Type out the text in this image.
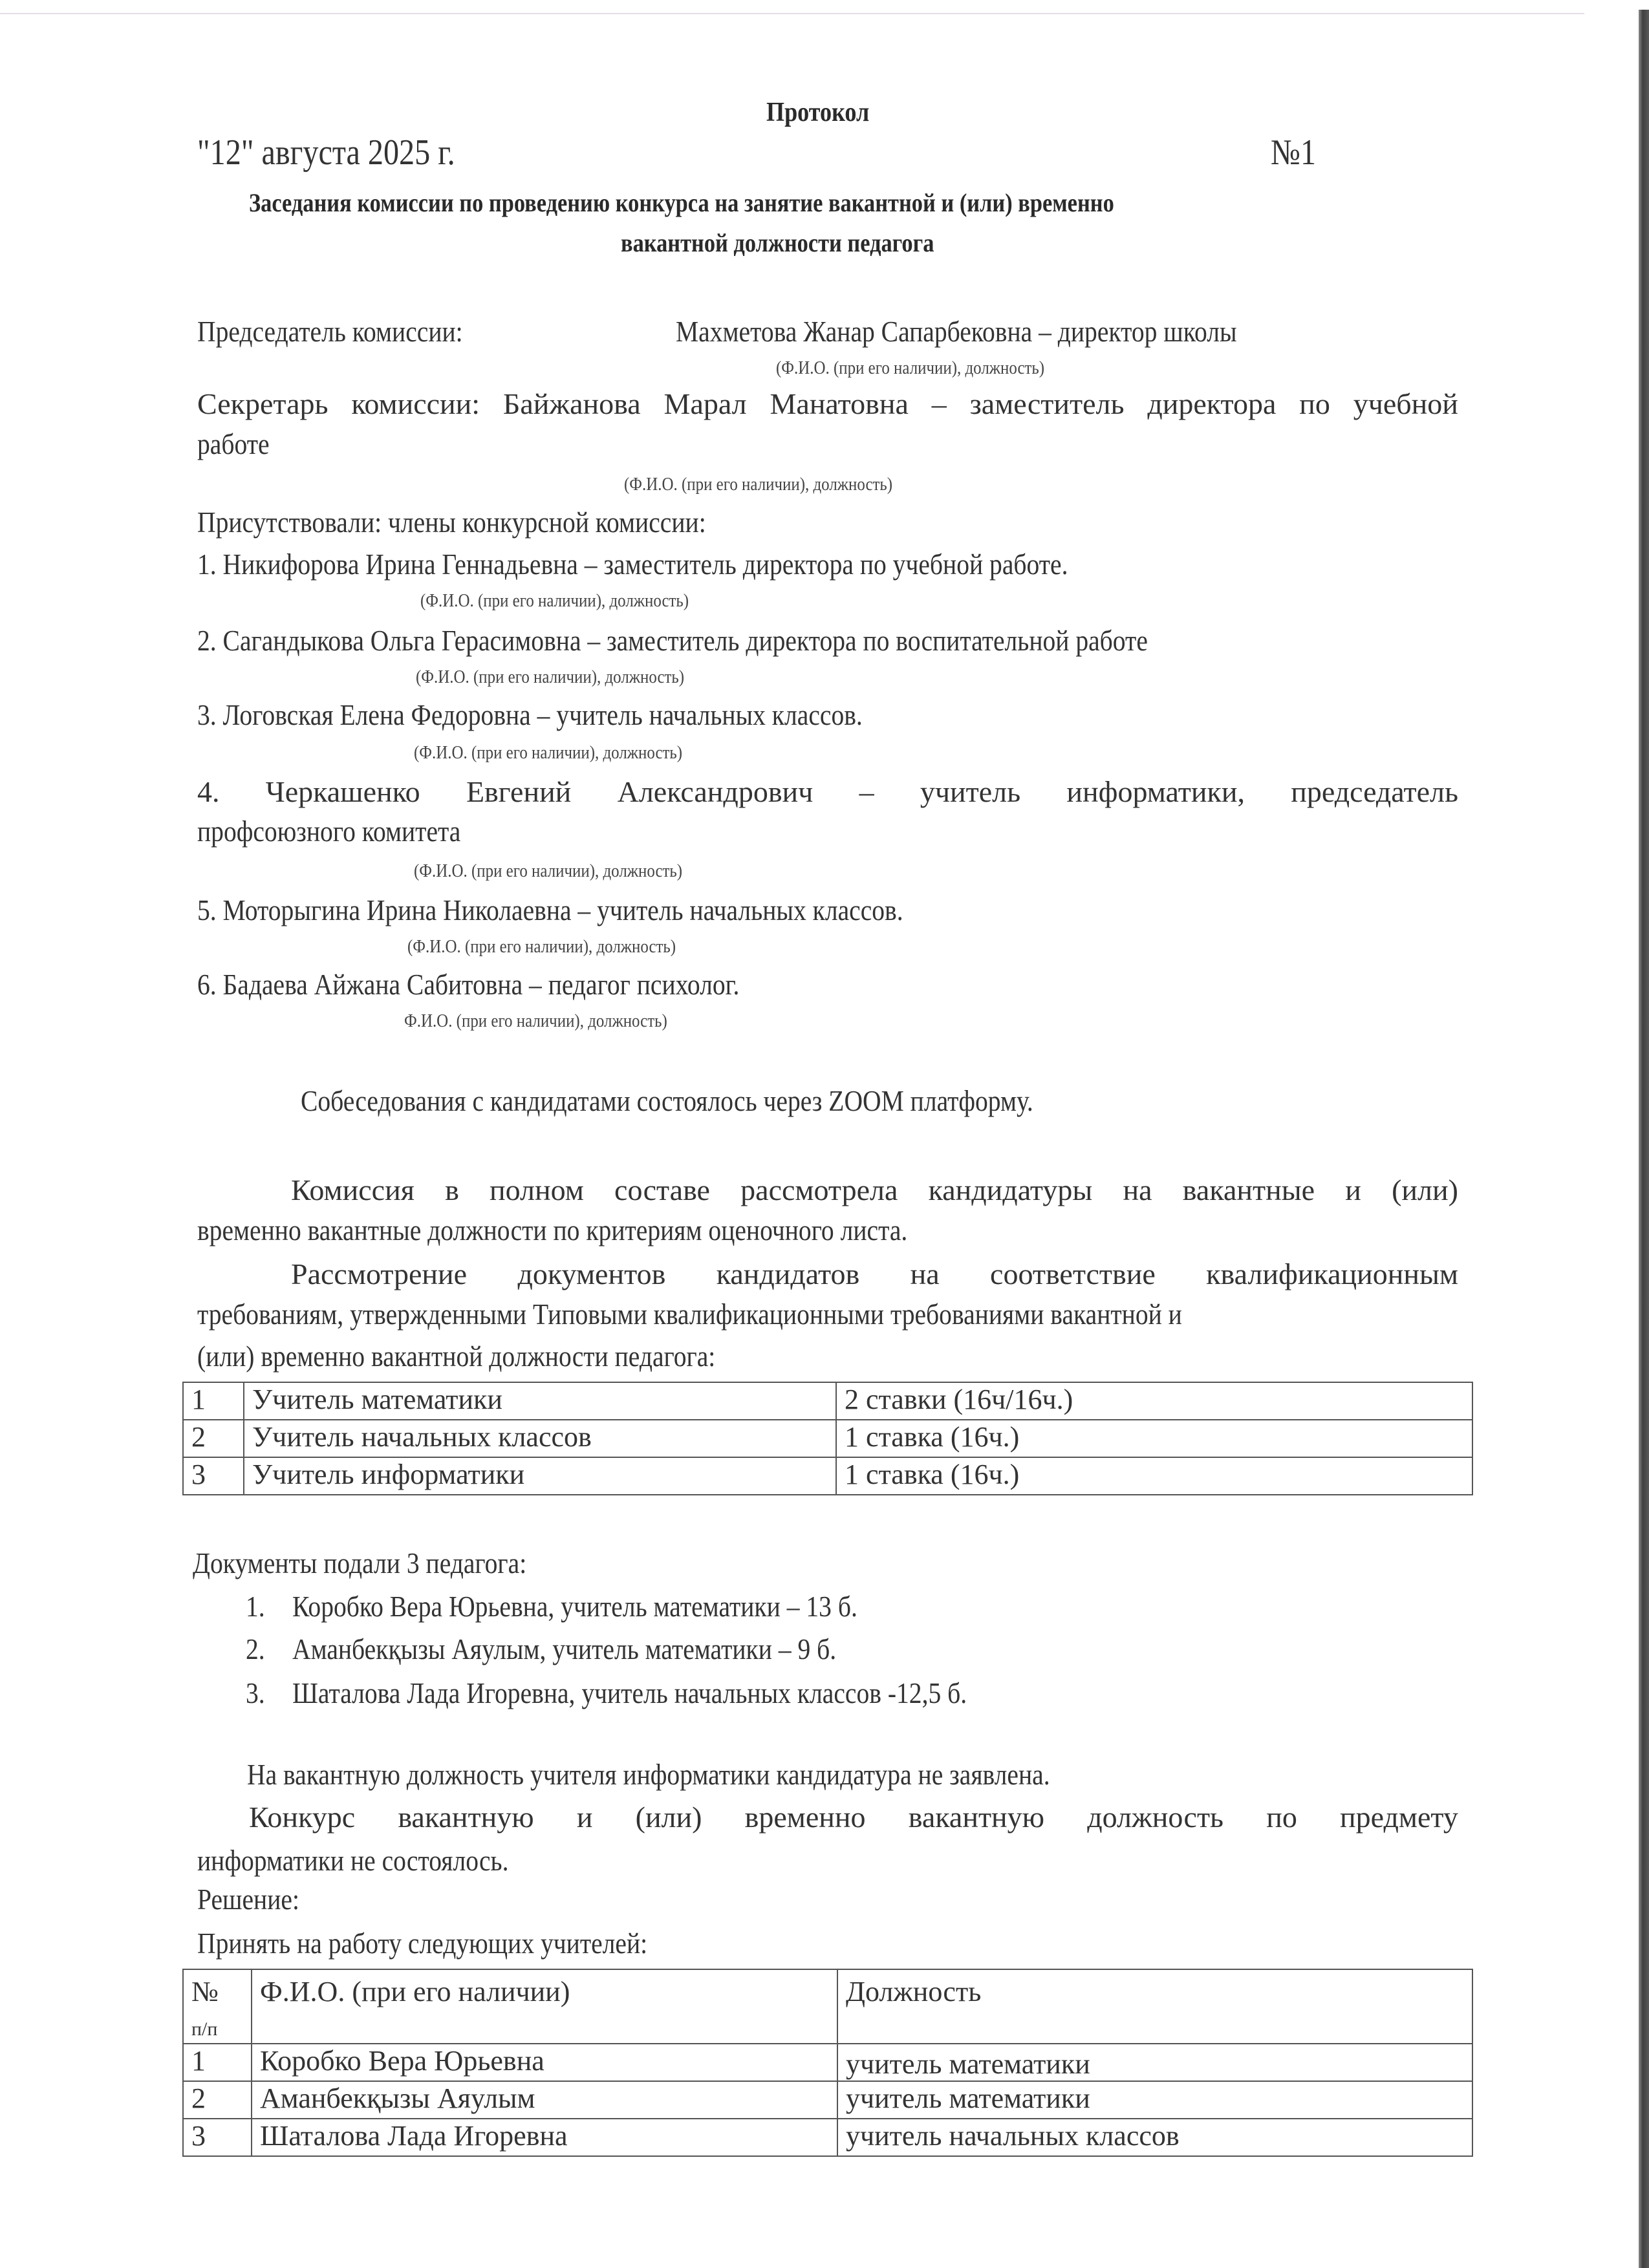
Протокол
"12" августа 2025 г.	№1
Заседания комиссии по проведению конкурса на занятие вакантной и (или) временно
вакантной должности педагога
Председатель комиссии:	Махметова Жанар Сапарбековна – директор школы
(Ф.И.О. (при его наличии), должность)
Секретарь комиссии: Байжанова Марал Манатовна – заместитель директора по учебной
работе
(Ф.И.О. (при его наличии), должность)
Присутствовали: члены конкурсной комиссии:
1. Никифорова Ирина Геннадьевна – заместитель директора по учебной работе.
(Ф.И.О. (при его наличии), должность)
2. Сагандыкова Ольга Герасимовна – заместитель директора по воспитательной работе
(Ф.И.О. (при его наличии), должность)
3. Логовская Елена Федоровна – учитель начальных классов.
(Ф.И.О. (при его наличии), должность)
4. Черкашенко Евгений Александрович – учитель информатики, председатель
профсоюзного комитета
(Ф.И.О. (при его наличии), должность)
5. Моторыгина Ирина Николаевна – учитель начальных классов.
(Ф.И.О. (при его наличии), должность)
6. Бадаева Айжана Сабитовна – педагог психолог.
Ф.И.О. (при его наличии), должность)
Собеседования с кандидатами состоялось через ZOOM платформу.
Комиссия в полном составе рассмотрела кандидатуры на вакантные и (или)
временно вакантные должности по критериям оценочного листа.
Рассмотрение документов кандидатов на соответствие квалификационным
требованиям, утвержденными Типовыми квалификационными требованиями вакантной и
(или) временно вакантной должности педагога:
1	Учитель математики	2 ставки (16ч/16ч.)
2	Учитель начальных классов	1 ставка (16ч.)
3	Учитель информатики	1 ставка (16ч.)
Документы подали 3 педагога:
1. Коробко Вера Юрьевна, учитель математики – 13 б.
2. Аманбекқызы Аяулым, учитель математики – 9 б.
3. Шаталова Лада Игоревна, учитель начальных классов -12,5 б.
На вакантную должность учителя информатики кандидатура не заявлена.
Конкурс вакантную и (или) временно вакантную должность по предмету
информатики не состоялось.
Решение:
Принять на работу следующих учителей:
№
п/п	Ф.И.О. (при его наличии)	Должность
1	Коробко Вера Юрьевна	учитель математики
2	Аманбекқызы Аяулым	учитель математики
3	Шаталова Лада Игоревна	учитель начальных классов
